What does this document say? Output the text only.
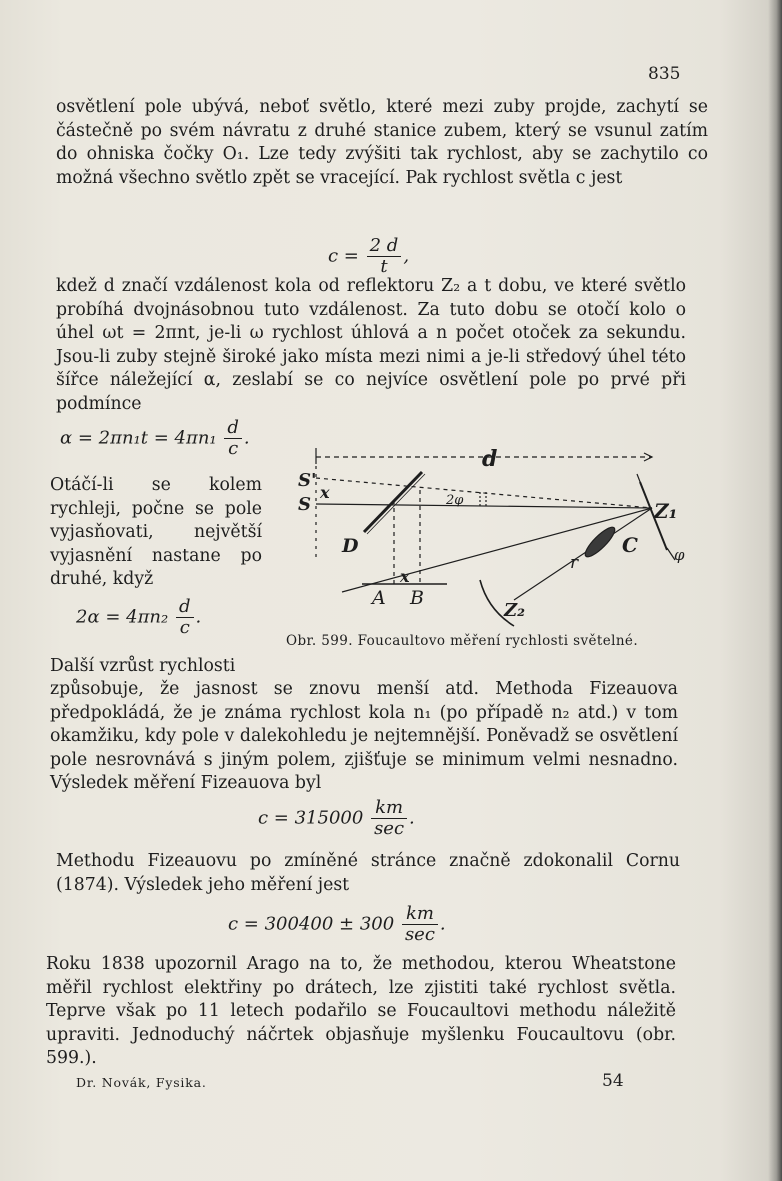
835

osvětlení pole ubývá, neboť světlo, které mezi zuby projde, zachytí se částečně po svém návratu z druhé stanice zubem, který se vsunul zatím do ohniska čočky O₁. Lze tedy zvýšiti tak rychlost, aby se zachytilo co možná všechno světlo zpět se vracející. Pak rychlost světla c jest

$c = \frac{2 d}{t}$ ,

kdež d značí vzdálenost kola od reflektoru Z₂ a t dobu, ve které světlo probíhá dvojnásobnou tuto vzdálenost. Za tuto dobu se otočí kolo o úhel ωt = 2πnt, je-li ω rychlost úhlová a n počet otoček za sekundu. Jsou-li zuby stejně široké jako místa mezi nimi a je-li středový úhel této šířce náležející α, zeslabí se co nejvíce osvětlení pole po prvé při podmínce

$\alpha = 2\pi n_1t = 4\pi n_1 \frac{d}{c}$ .
Otáčí-li se kolem rychleji, počne se pole vyjasňovati, největší vyjasnění nastane po druhé, když
$2\alpha = 4\pi n_2 \frac{d}{c}$ .
Další vzrůst rychlosti
d
S'
S
x	2φ	Z₁
D	C φ
r
x
A B
Z₂
Obr. 599. Foucaultovo měření rychlosti světelné.

způsobuje, že jasnost se znovu menší atd. Methoda Fizeauova předpokládá, že je známa rychlost kola n₁ (po případě n₂ atd.) v tom okamžiku, kdy pole v dalekohledu je nejtemnější. Poněvadž se osvětlení pole nesrovnává s jiným polem, zjišťuje se minimum velmi nesnadno. Výsledek měření Fizeauova byl

$c = 315000 \frac{km}{\sec}$ .

Methodu Fizeauovu po zmíněné stránce značně zdokonalil Cornu (1874). Výsledek jeho měření jest

$c = 300400 \pm 300 \frac{km}{\sec}$ .

Roku 1838 upozornil Arago na to, že methodou, kterou Wheatstone měřil rychlost elektřiny po drátech, lze zjistiti také rychlost světla. Teprve však po 11 letech podařilo se Foucaultovi methodu náležitě upraviti. Jednoduchý náčrtek objasňuje myšlenku Foucaultovu (obr. 599.).

Dr. Novák, Fysika.	54
